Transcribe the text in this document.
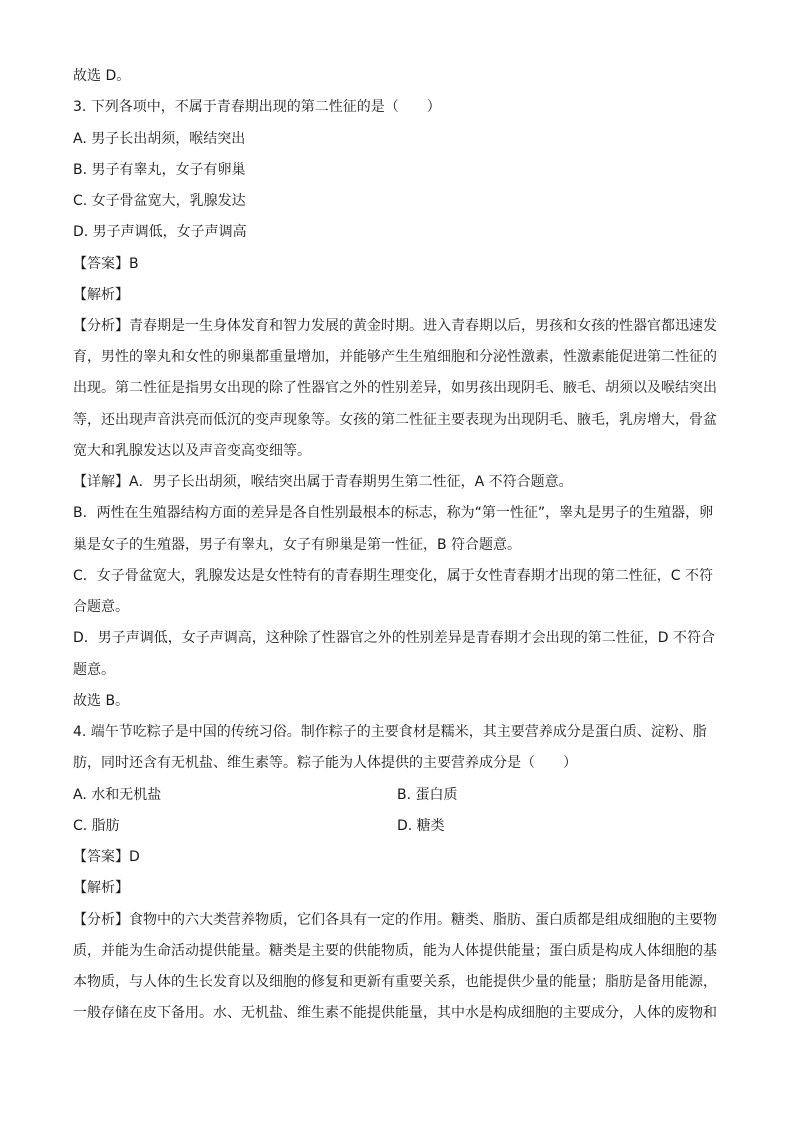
故选 D。
3. 下列各项中，不属于青春期出现的第二性征的是（　　）
A. 男子长出胡须，喉结突出
B. 男子有睾丸，女子有卵巢
C. 女子骨盆宽大，乳腺发达
D. 男子声调低，女子声调高
【答案】B
【解析】
【分析】青春期是一生身体发育和智力发展的黄金时期。进入青春期以后，男孩和女孩的性器官都迅速发
育，男性的睾丸和女性的卵巢都重量增加，并能够产生生殖细胞和分泌性激素，性激素能促进第二性征的
出现。第二性征是指男女出现的除了性器官之外的性别差异，如男孩出现阴毛、腋毛、胡须以及喉结突出
等，还出现声音洪亮而低沉的变声现象等。女孩的第二性征主要表现为出现阴毛、腋毛，乳房增大，骨盆
宽大和乳腺发达以及声音变高变细等。
【详解】A．男子长出胡须，喉结突出属于青春期男生第二性征，A 不符合题意。
B．两性在生殖器结构方面的差异是各自性别最根本的标志，称为“第一性征”，睾丸是男子的生殖器，卵
巢是女子的生殖器，男子有睾丸，女子有卵巢是第一性征，B 符合题意。
C．女子骨盆宽大，乳腺发达是女性特有的青春期生理变化，属于女性青春期才出现的第二性征，C 不符
合题意。
D．男子声调低，女子声调高，这种除了性器官之外的性别差异是青春期才会出现的第二性征，D 不符合
题意。
故选 B。
4. 端午节吃粽子是中国的传统习俗。制作粽子的主要食材是糯米，其主要营养成分是蛋白质、淀粉、脂
肪，同时还含有无机盐、维生素等。粽子能为人体提供的主要营养成分是（　　）
A. 水和无机盐	B. 蛋白质
C. 脂肪	D. 糖类
【答案】D
【解析】
【分析】食物中的六大类营养物质，它们各具有一定的作用。糖类、脂肪、蛋白质都是组成细胞的主要物
质，并能为生命活动提供能量。糖类是主要的供能物质，能为人体提供能量；蛋白质是构成人体细胞的基
本物质，与人体的生长发育以及细胞的修复和更新有重要关系，也能提供少量的能量；脂肪是备用能源，
一般存储在皮下备用。水、无机盐、维生素不能提供能量，其中水是构成细胞的主要成分，人体的废物和
